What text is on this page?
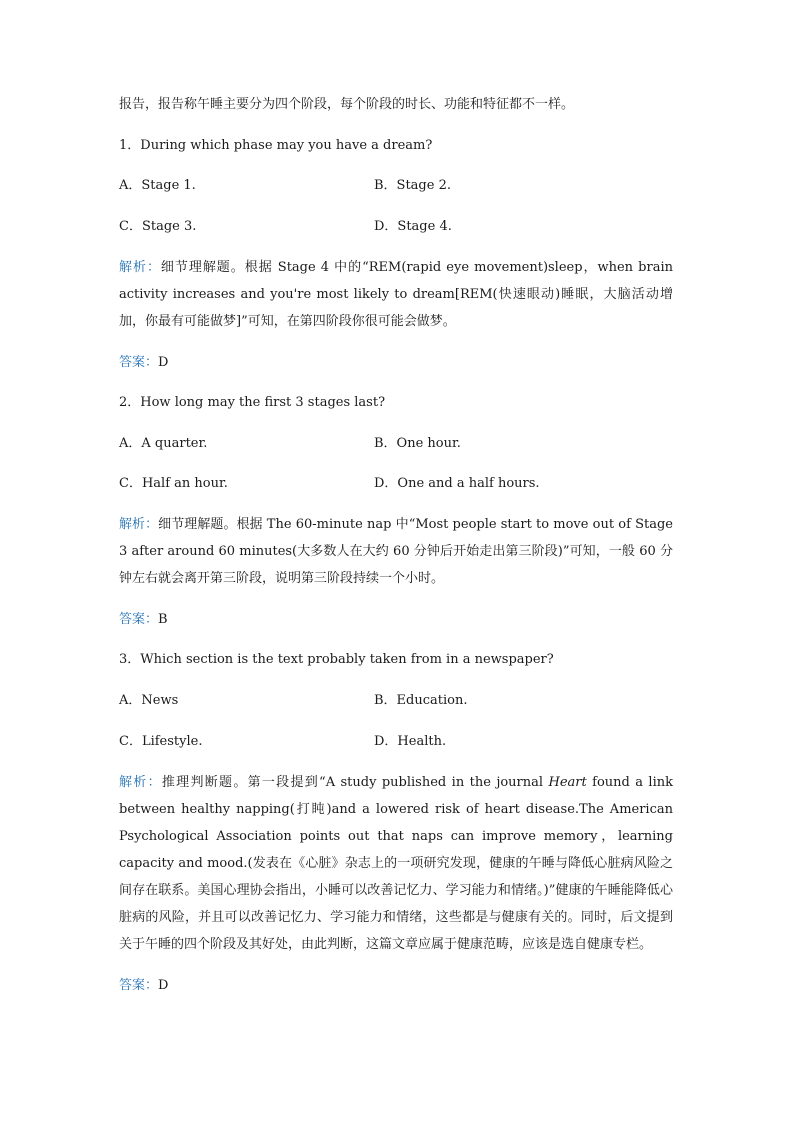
报告，报告称午睡主要分为四个阶段，每个阶段的时长、功能和特征都不一样。
1．During which phase may you have a dream?
A．Stage 1.	B．Stage 2.
C．Stage 3.	D．Stage 4.
解析：细节理解题。根据 Stage 4 中的“REM(rapid eye movement)sleep，when brain activity increases and you're most likely to dream[REM(快速眼动)睡眠，大脑活动增加，你最有可能做梦]”可知，在第四阶段你很可能会做梦。
答案：D
2．How long may the first 3 stages last?
A．A quarter.	B．One hour.
C．Half an hour.	D．One and a half hours.
解析：细节理解题。根据 The 60-minute nap 中“Most people start to move out of Stage 3 after around 60 minutes(大多数人在大约 60 分钟后开始走出第三阶段)”可知，一般 60 分钟左右就会离开第三阶段，说明第三阶段持续一个小时。
答案：B
3．Which section is the text probably taken from in a newspaper?
A．News	B．Education.
C．Lifestyle.	D．Health.
解析：推理判断题。第一段提到“A study published in the journal Heart found a link between healthy napping(打盹)and a lowered risk of heart disease.The American Psychological Association points out that naps can improve memory，learning capacity and mood.(发表在《心脏》杂志上的一项研究发现，健康的午睡与降低心脏病风险之间存在联系。美国心理协会指出，小睡可以改善记忆力、学习能力和情绪。)”健康的午睡能降低心脏病的风险，并且可以改善记忆力、学习能力和情绪，这些都是与健康有关的。同时，后文提到关于午睡的四个阶段及其好处，由此判断，这篇文章应属于健康范畴，应该是选自健康专栏。
答案：D
